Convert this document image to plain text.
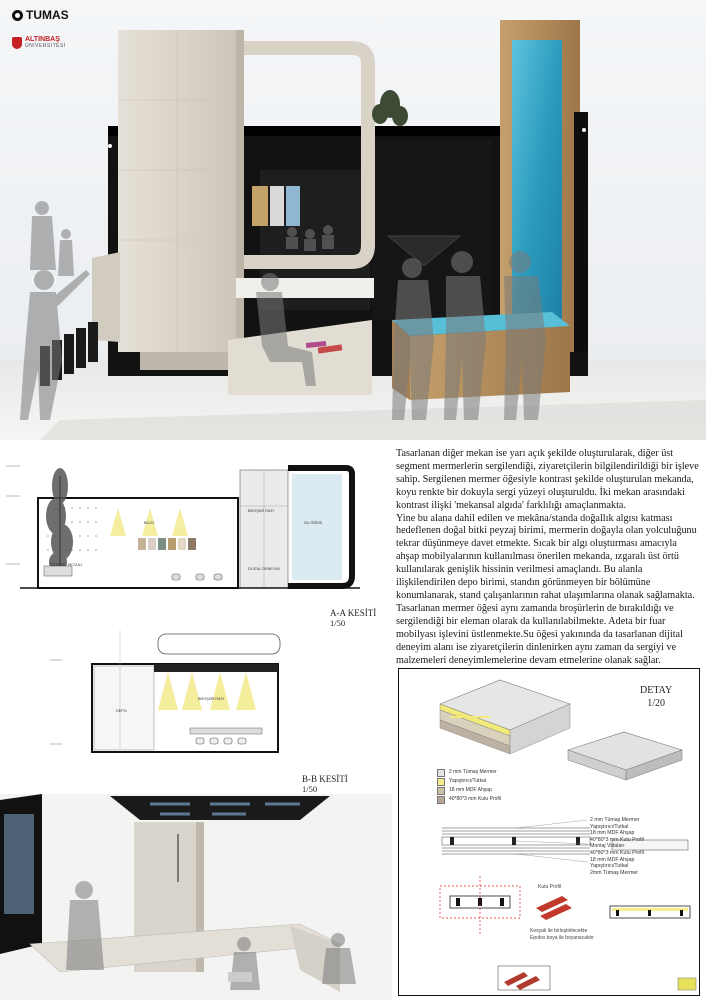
TUMAS
ALTINBAŞ
ÜNİVERSİTESİ
BİTKİSEL PEYZAJ
BİLGİ
BROŞÜR RAFI
SU ÖĞESİ
DİJİTAL DENEYİM
A-A KESİTİ
1/50
DEPO
BROŞÜR RAFI
B-B KESİTİ
1/50

Tasarlanan diğer mekan ise yarı açık şekilde oluşturularak, diğer üst segment mermerlerin sergilendiği, ziyaretçilerin bilgilendirildiği bir işleve sahip. Sergilenen mermer öğesiyle kontrast şekilde oluşturulan mekanda, koyu renkte bir dokuyla sergi yüzeyi oluşturuldu. İki mekan arasındaki kontrast ilişki 'mekansal algıda' farklılığı amaçlanmakta.

Yine bu alana dahil edilen ve mekâna/standa doğallık algısı katması hedeflenen doğal bitki peyzaj birimi, mermerin doğayla olan yolculuğunu tekrar düşünmeye davet etmekte. Sıcak bir algı oluşturması amacıyla ahşap mobilyalarının kullanılması önerilen mekanda, ızgaralı üst örtü kullanılarak genişlik hissinin verilmesi amaçlandı. Bu alanla ilişkilendirilen depo birimi, standın görünmeyen bir bölümüne konumlanarak, stand çalışanlarının rahat ulaşımlarına olanak sağlamakta.

Tasarlanan mermer öğesi aynı zamanda broşürlerin de bırakıldığı ve sergilendiği bir eleman olarak da kullanılabilmekte. Adeta bir fuar mobilyası işlevini üstlenmekte.Su öğesi yakınında da tasarlanan dijital deneyim alanı ise ziyaretçilerin dinlenirken aynı zaman da sergiyi ve malzemeleri deneyimlemelerine devam etmelerine olanak sağlar.

DETAY
1/20
2 mm Tümaş Mermer
Yapıştırıcı/Tutkal
18 mm MDF Ahşap
40*80*3 mm Kutu Profil
2 mm Tümaş Mermer
Yapıştırıcı/Tutkal
18 mm MDF Ahşap
40*80*3 mm Kutu Profil
Montaj Vidaları
40*80*3 mm Kutu Profil
18 mm MDF Ahşap
Yapıştırıcı/Tutkal
2mm Tümaş Mermer
Kutu Profil
Kesyak ile birleştirilecekte
Epoksı boya ile boyanacaktır
